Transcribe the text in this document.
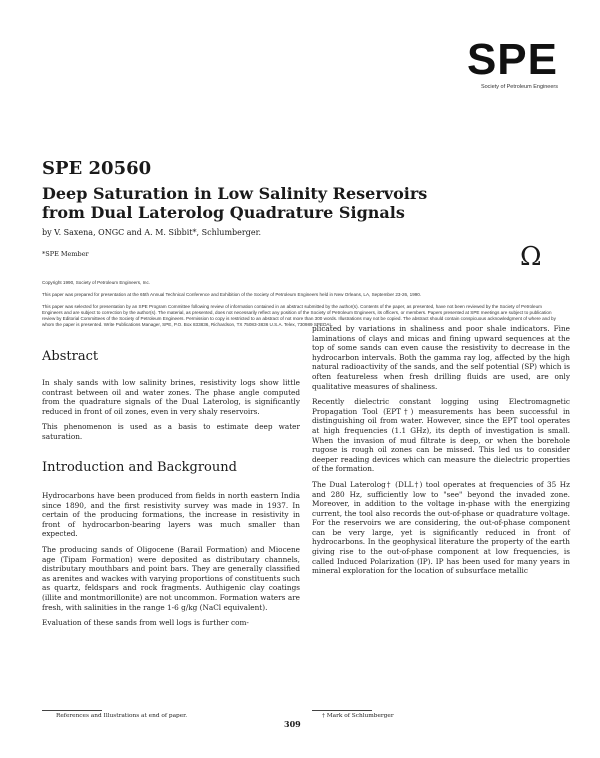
SPE
Society of Petroleum Engineers
SPE 20560
Deep Saturation in Low Salinity Reservoirs
from Dual Laterolog Quadrature Signals
by V. Saxena, ONGC and A. M. Sibbit*, Schlumberger.
*SPE Member	Ω

Copyright 1990, Society of Petroleum Engineers, Inc.

This paper was prepared for presentation at the 65th Annual Technical Conference and Exhibition of the Society of Petroleum Engineers held in New Orleans, LA, September 23-26, 1990.

This paper was selected for presentation by an SPE Program Committee following review of information contained in an abstract submitted by the author(s). Contents of the paper, as presented, have not been reviewed by the Society of Petroleum Engineers and are subject to correction by the author(s). The material, as presented, does not necessarily reflect any position of the Society of Petroleum Engineers, its officers, or members. Papers presented at SPE meetings are subject to publication review by Editorial Committees of the Society of Petroleum Engineers. Permission to copy is restricted to an abstract of not more than 300 words. Illustrations may not be copied. The abstract should contain conspicuous acknowledgment of where and by whom the paper is presented. Write Publications Manager, SPE, P.O. Box 833836, Richardson, TX 75083-3836 U.S.A. Telex, 730989 SPEDAL.

Abstract

In shaly sands with low salinity brines, resistivity logs show little contrast between oil and water zones. The phase angle computed from the quadrature signals of the Dual Laterolog, is significantly reduced in front of oil zones, even in very shaly reservoirs.

This phenomenon is used as a basis to estimate deep water saturation.

Introduction and Background

Hydrocarbons have been produced from fields in north eastern India since 1890, and the first resistivity survey was made in 1937. In certain of the producing formations, the increase in resistivity in front of hydrocarbon-bearing layers was much smaller than expected.

The producing sands of Oligocene (Barail Formation) and Miocene age (Tipam Formation) were deposited as distributary channels, distributary mouthbars and point bars. They are generally classified as arenites and wackes with varying proportions of constituents such as quartz, feldspars and rock fragments. Authigenic clay coatings (illite and montmorillonite) are not uncommon. Formation waters are fresh, with salinities in the range 1-6 g/kg (NaCl equivalent).

Evaluation of these sands from well logs is further com-

plicated by variations in shaliness and poor shale indicators. Fine laminations of clays and micas and fining upward sequences at the top of some sands can even cause the resistivity to decrease in the hydrocarbon intervals. Both the gamma ray log, affected by the high natural radioactivity of the sands, and the self potential (SP) which is often featureless when fresh drilling fluids are used, are only qualitative measures of shaliness.

Recently dielectric constant logging using Electromagnetic Propagation Tool (EPT†) measurements has been successful in distinguishing oil from water. However, since the EPT tool operates at high frequencies (1.1 GHz), its depth of investigation is small. When the invasion of mud filtrate is deep, or when the borehole rugose is rough oil zones can be missed. This led us to consider deeper reading devices which can measure the dielectric properties of the formation.

The Dual Laterolog† (DLL†) tool operates at frequencies of 35 Hz and 280 Hz, sufficiently low to "see" beyond the invaded zone. Moreover, in addition to the voltage in-phase with the energizing current, the tool also records the out-of-phase or quadrature voltage. For the reservoirs we are considering, the out-of-phase component can be very large, yet is significantly reduced in front of hydrocarbons. In the geophysical literature the property of the earth giving rise to the out-of-phase component at low frequencies, is called Induced Polarization (IP). IP has been used for many years in mineral exploration for the location of subsurface metallic

References and Illustrations at end of paper.	† Mark of Schlumberger
309
